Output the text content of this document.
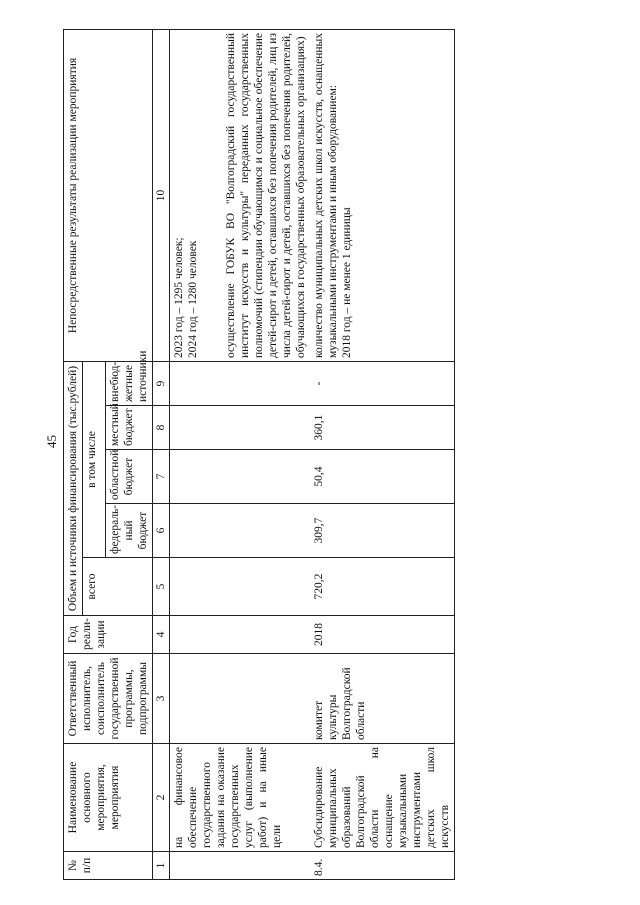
45
№ п/п	Наименование основного мероприятия, мероприятия	Ответственный исполнитель, соисполнитель государственной программы, подпрограммы	Год реали-зации	Объем и источники финансирования (тыс.рублей)					Непосредственные результаты реализации мероприятия
				всего	в том числе				
					федераль-ный бюджет	областной бюджет	местный бюджет	внебюд-жетные источники	
1	2	3	4	5	6	7	8	9	10
	на финансовое обеспечение государственного задания на оказание государственных услуг (выполнение работ) и на иные цели								2023 год – 1295 человек; 2024 год – 1280 человек осуществление ГОБУК ВО "Волгоградский государственный институт искусств и культуры" переданных государственных полномочий (стипендии обучающимся и социальное обеспечение детей-сирот и детей, оставшихся без попечения родителей, лиц из числа детей-сирот и детей, оставшихся без попечения родителей, обучающихся в государственных образовательных организациях)

8.4.	Субсидирование муниципальных образований Волгоградской области на оснащение музыкальными инструментами детских школ искусств	комитет культуры Волгоградской области	2018	720,2	309,7	50,4	360,1	-	количество муниципальных детских школ искусств, оснащенных музыкальными инструментами и иным оборудованием: 2018 год – не менее 1 единицы
